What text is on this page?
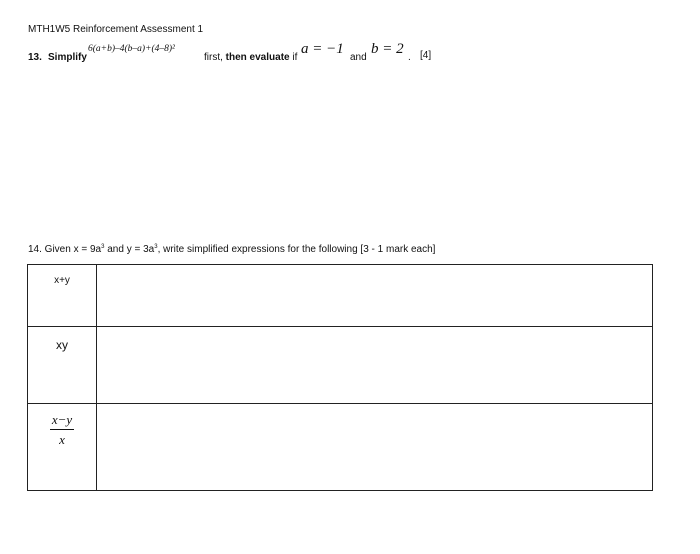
MTH1W5 Reinforcement Assessment 1
13. Simplify
6(a+b)–4(b–a)+(4–8)²
first, then evaluate if
a = −1
and
b = 2
. [4]
14. Given $x = 9a^3$ and $y = 3a^3$, write simplified expressions for the following [3 - 1 mark each]
x+y	

xy	

$\frac{x-y}{x}$
